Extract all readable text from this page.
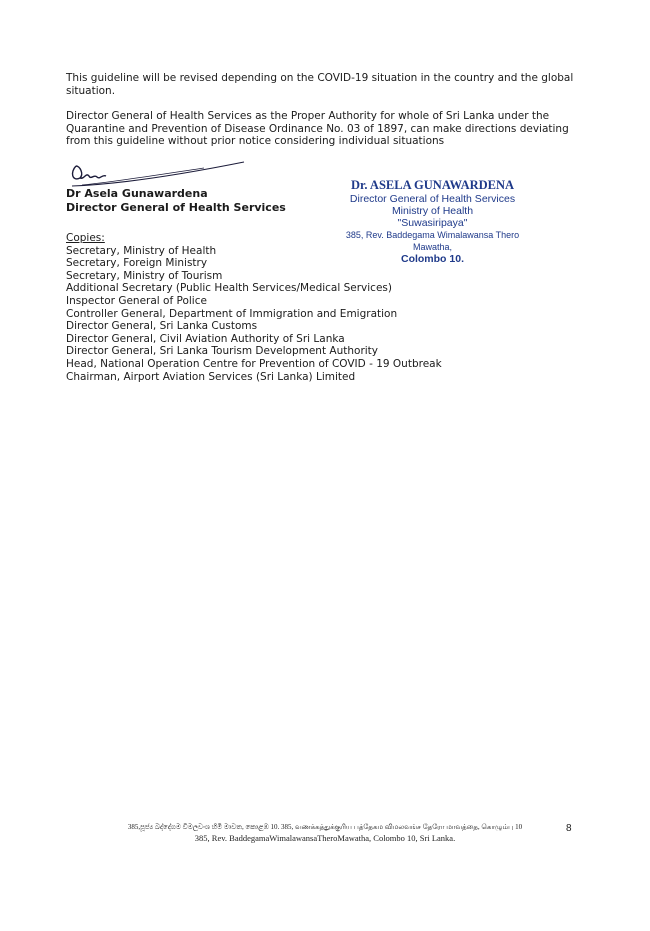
This guideline will be revised depending on the COVID-19 situation in the country and the global situation.

Director General of Health Services as the Proper Authority for whole of Sri Lanka under the Quarantine and Prevention of Disease Ordinance No. 03 of 1897, can make directions deviating from this guideline without prior notice considering individual situations

Dr Asela Gunawardena
Director General of Health Services
Dr. ASELA GUNAWARDENA
Director General of Health Services
Ministry of Health
"Suwasiripaya"
385, Rev. Baddegama Wimalawansa Thero Mawatha,
Colombo 10.
Copies:
Secretary, Ministry of Health
Secretary, Foreign Ministry
Secretary, Ministry of Tourism
Additional Secretary (Public Health Services/Medical Services)
Inspector General of Police
Controller General, Department of Immigration and Emigration
Director General, Sri Lanka Customs
Director General, Civil Aviation Authority of Sri Lanka
Director General, Sri Lanka Tourism Development Authority
Head, National Operation Centre for Prevention of COVID - 19 Outbreak
Chairman, Airport Aviation Services (Sri Lanka) Limited
385,පූජ්‍ය බද්දේගම විමලවංශ හිමි මාවත, කොළඹ 10. 385, வணக்கத்துக்குரிய பத்தேகம விமலவங்ச தேரோ மாவத்தை, கொழும்பு 10
385, Rev. BaddegamaWimalawansaTheroMawatha, Colombo 10, Sri Lanka.
8
